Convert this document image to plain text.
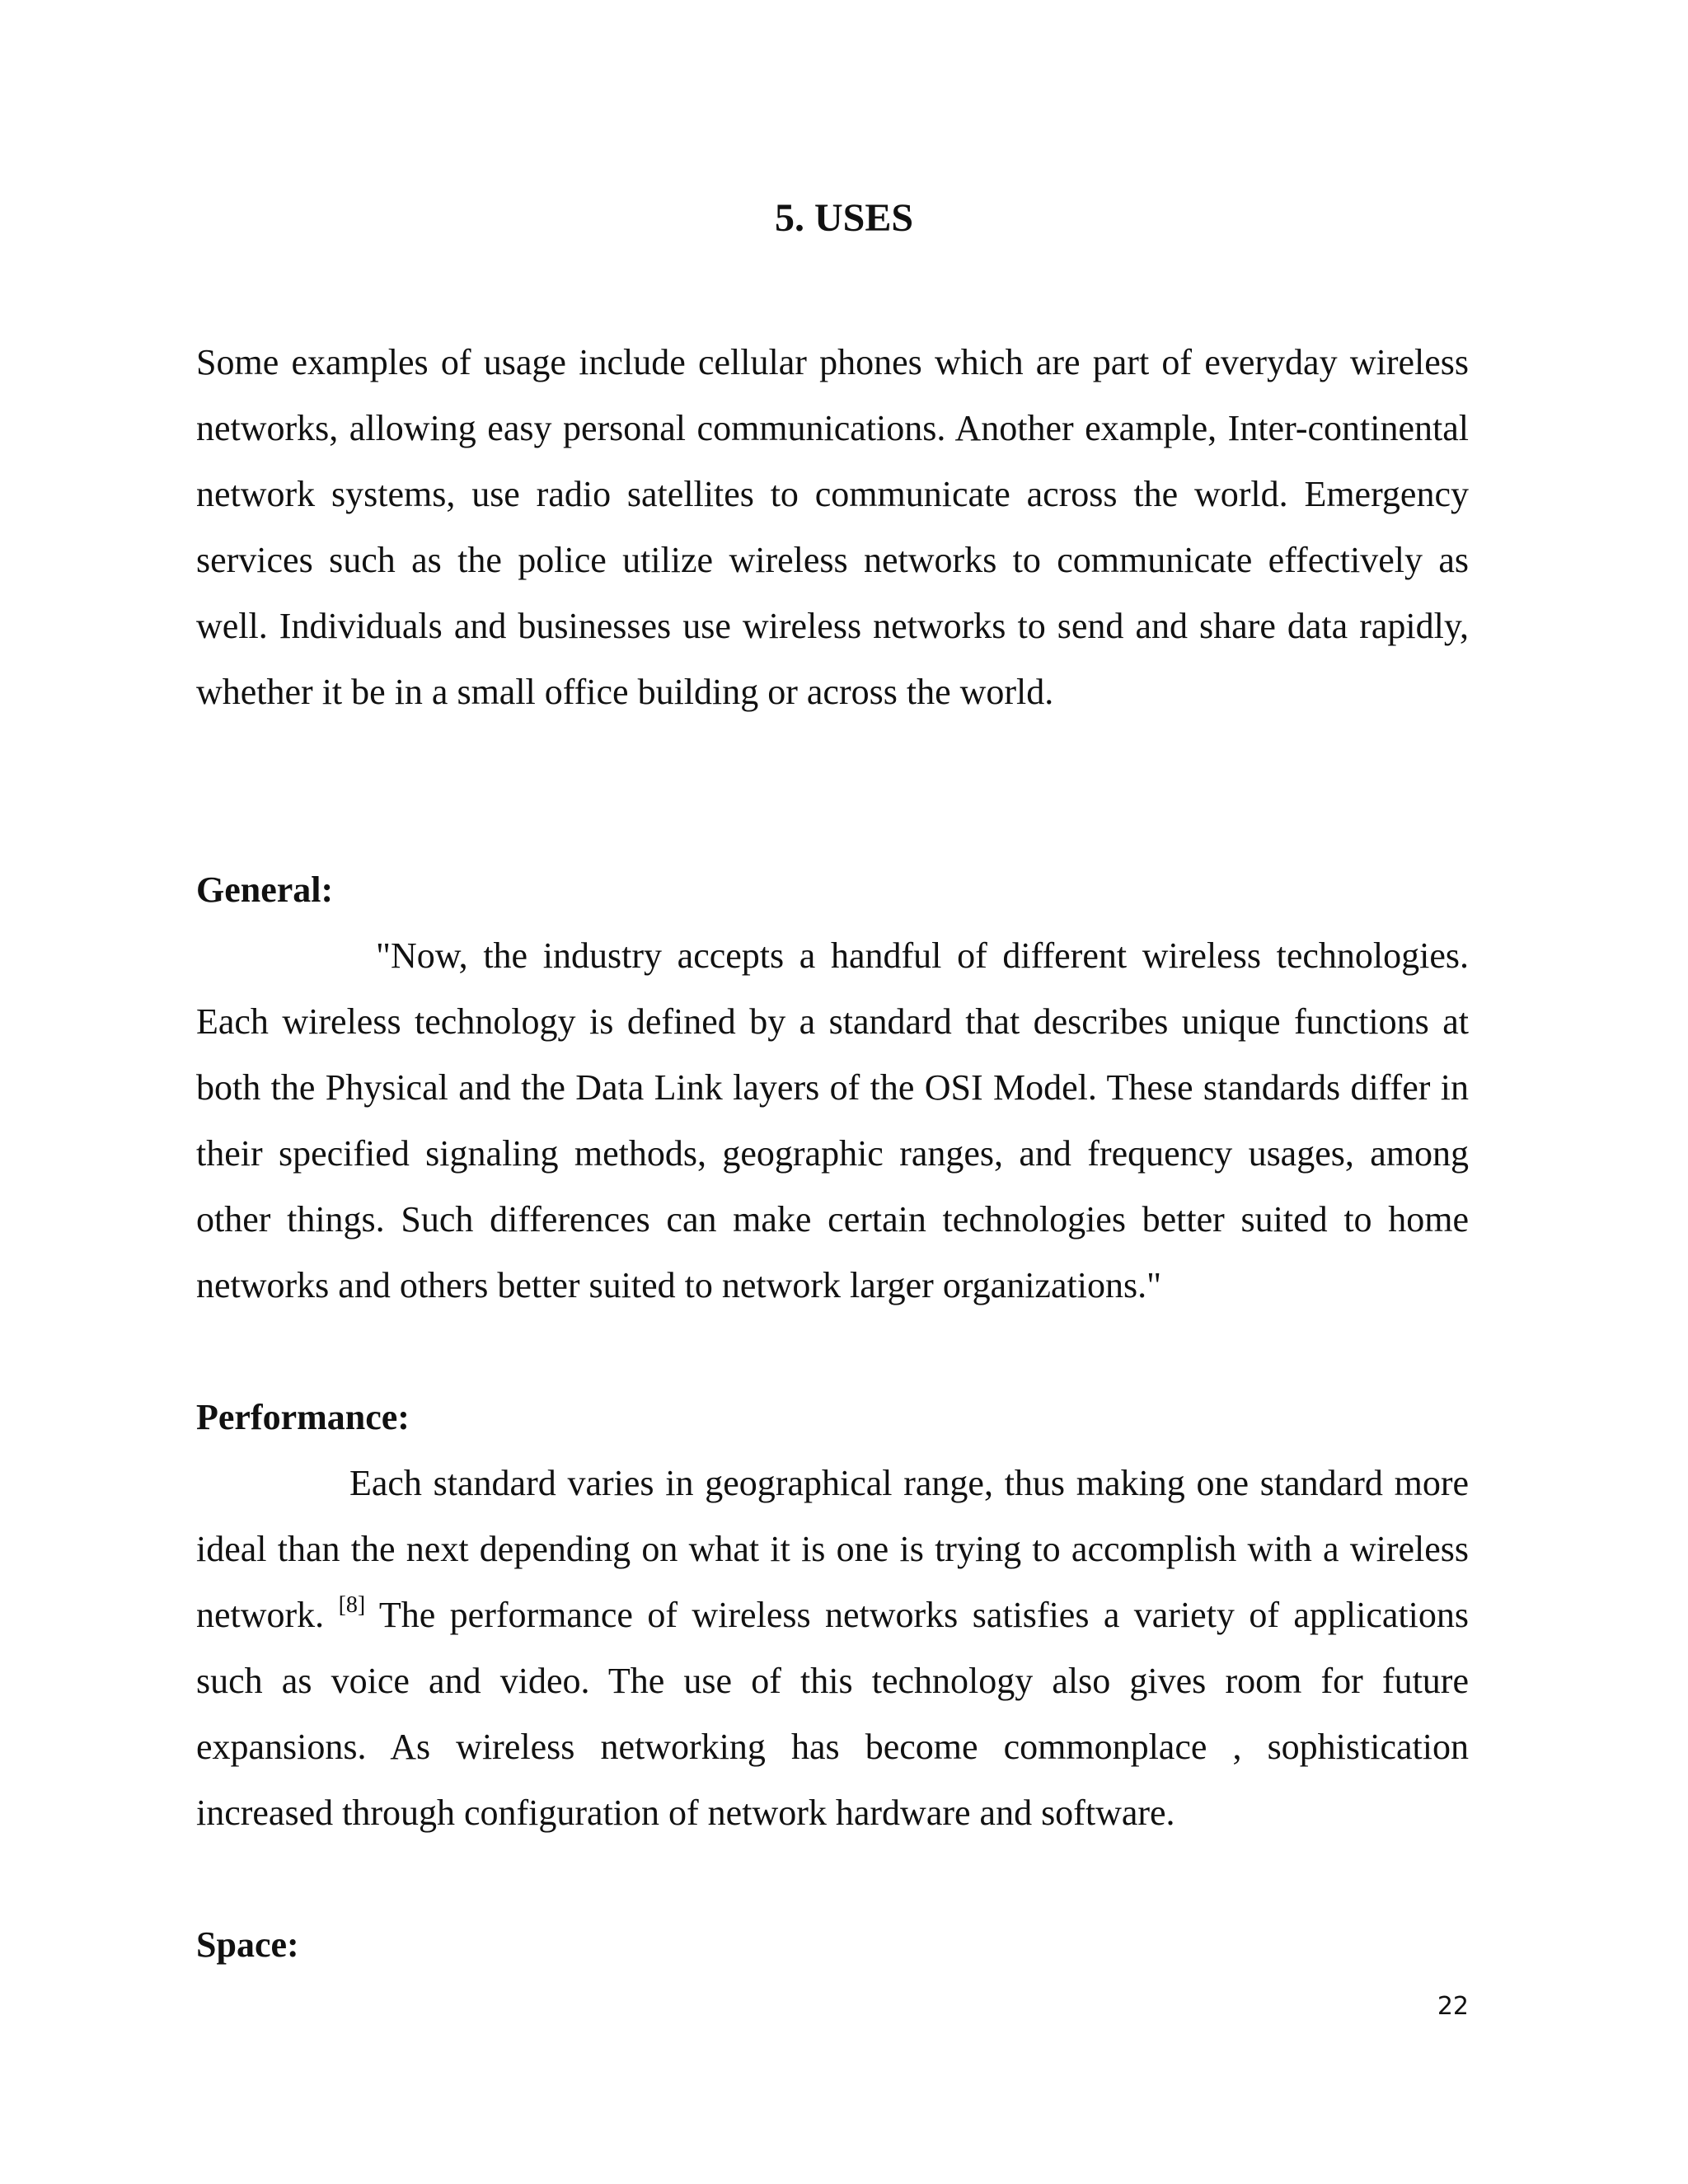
5. USES

Some examples of usage include cellular phones which are part of everyday wireless networks, allowing easy personal communications. Another example, Inter-continental network systems, use radio satellites to communicate across the world. Emergency services such as the police utilize wireless networks to communicate effectively as well. Individuals and businesses use wireless networks to send and share data rapidly, whether it be in a small office building or across the world.

General:

"Now, the industry accepts a handful of different wireless technologies. Each wireless technology is defined by a standard that describes unique functions at both the Physical and the Data Link layers of the OSI Model. These standards differ in their specified signaling methods, geographic ranges, and frequency usages, among other things. Such differences can make certain technologies better suited to home networks and others better suited to network larger organizations."

Performance:

Each standard varies in geographical range, thus making one standard more ideal than the next depending on what it is one is trying to accomplish with a wireless network. [8] The performance of wireless networks satisfies a variety of applications such as voice and video. The use of this technology also gives room for future expansions. As wireless networking has become commonplace , sophistication increased through configuration of network hardware and software.

Space:

22
